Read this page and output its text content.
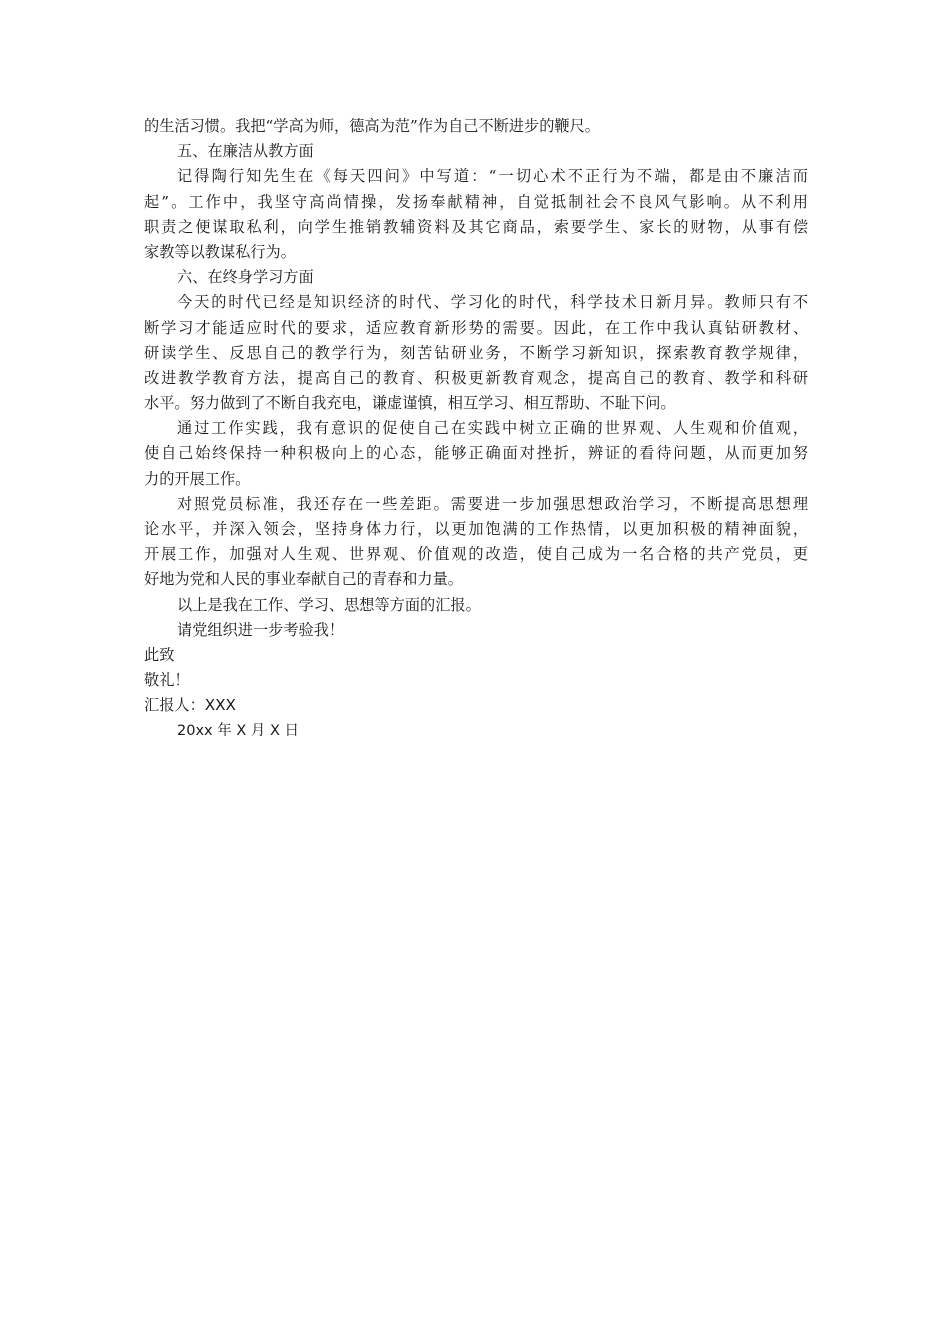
的生活习惯。我把“学高为师，德高为范”作为自己不断进步的鞭尺。
五、在廉洁从教方面
记得陶行知先生在《每天四问》中写道：“一切心术不正行为不端，都是由不廉洁而
起”。工作中，我坚守高尚情操，发扬奉献精神，自觉抵制社会不良风气影响。从不利用
职责之便谋取私利，向学生推销教辅资料及其它商品，索要学生、家长的财物，从事有偿
家教等以教谋私行为。
六、在终身学习方面
今天的时代已经是知识经济的时代、学习化的时代，科学技术日新月异。教师只有不
断学习才能适应时代的要求，适应教育新形势的需要。因此，在工作中我认真钻研教材、
研读学生、反思自己的教学行为，刻苦钻研业务，不断学习新知识，探索教育教学规律，
改进教学教育方法，提高自己的教育、积极更新教育观念，提高自己的教育、教学和科研
水平。努力做到了不断自我充电，谦虚谨慎，相互学习、相互帮助、不耻下问。
通过工作实践，我有意识的促使自己在实践中树立正确的世界观、人生观和价值观，
使自己始终保持一种积极向上的心态，能够正确面对挫折，辨证的看待问题，从而更加努
力的开展工作。
对照党员标准，我还存在一些差距。需要进一步加强思想政治学习，不断提高思想理
论水平，并深入领会，坚持身体力行，以更加饱满的工作热情，以更加积极的精神面貌，
开展工作，加强对人生观、世界观、价值观的改造，使自己成为一名合格的共产党员，更
好地为党和人民的事业奉献自己的青春和力量。
以上是我在工作、学习、思想等方面的汇报。
请党组织进一步考验我！
此致
敬礼！
汇报人：XXX
20xx 年 X 月 X 日
